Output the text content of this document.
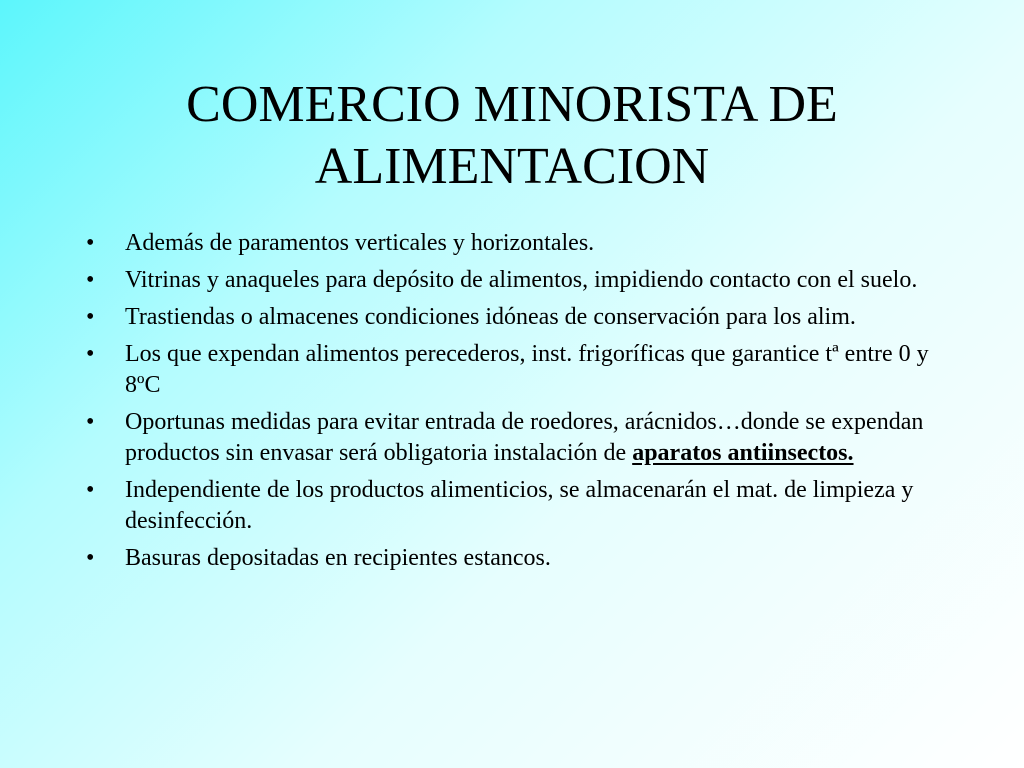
COMERCIO MINORISTA DE
ALIMENTACION
• Además de paramentos verticales y horizontales.
• Vitrinas y anaqueles para depósito de alimentos, impidiendo contacto con el suelo.
• Trastiendas o almacenes condiciones idóneas de conservación para los alim.
• Los que expendan alimentos perecederos, inst. frigoríficas que garantice tª entre 0 y 8ºC
• Oportunas medidas para evitar entrada de roedores, arácnidos…donde se expendan productos sin envasar será obligatoria instalación de aparatos antiinsectos.
• Independiente de los productos alimenticios, se almacenarán el mat. de limpieza y desinfección.
• Basuras depositadas en recipientes estancos.
